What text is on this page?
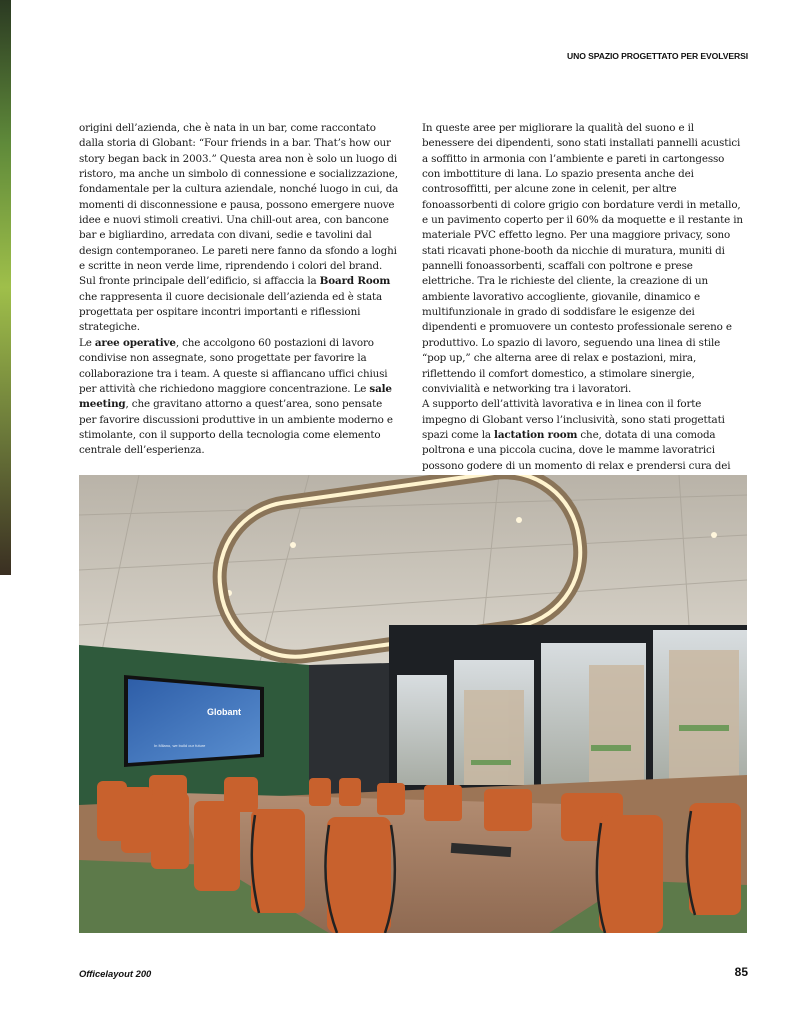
UNO SPAZIO PROGETTATO PER EVOLVERSI

origini dell’azienda, che è nata in un bar, come raccontato dalla storia di Globant: “Four friends in a bar. That’s how our story began back in 2003.” Questa area non è solo un luogo di ristoro, ma anche un simbolo di connessione e socializzazione, fondamentale per la cultura aziendale, nonché luogo in cui, da momenti di disconnessione e pausa, possono emergere nuove idee e nuovi stimoli creativi. Una chill-out area, con bancone bar e bigliardino, arredata con divani, sedie e tavolini dal design contemporaneo. Le pareti nere fanno da sfondo a loghi e scritte in neon verde lime, riprendendo i colori del brand.

Sul fronte principale dell’edificio, si affaccia la Board Room che rappresenta il cuore decisionale dell’azienda ed è stata progettata per ospitare incontri importanti e riflessioni strategiche.

Le aree operative, che accolgono 60 postazioni di lavoro condivise non assegnate, sono progettate per favorire la collaborazione tra i team. A queste si affiancano uffici chiusi per attività che richiedono maggiore concentrazione. Le sale meeting, che gravitano attorno a quest’area, sono pensate per favorire discussioni produttive in un ambiente moderno e stimolante, con il supporto della tecnologia come elemento centrale dell’esperienza.

In queste aree per migliorare la qualità del suono e il benessere dei dipendenti, sono stati installati pannelli acustici a soffitto in armonia con l’ambiente e pareti in cartongesso con imbottiture di lana. Lo spazio presenta anche dei controsoffitti, per alcune zone in celenit, per altre fonoassorbenti di colore grigio con bordature verdi in metallo, e un pavimento coperto per il 60% da moquette e il restante in materiale PVC effetto legno. Per una maggiore privacy, sono stati ricavati phone-booth da nicchie di muratura, muniti di pannelli fonoassorbenti, scaffali con poltrone e prese elettriche. Tra le richieste del cliente, la creazione di un ambiente lavorativo accogliente, giovanile, dinamico e multifunzionale in grado di soddisfare le esigenze dei dipendenti e promuovere un contesto professionale sereno e produttivo. Lo spazio di lavoro, seguendo una linea di stile “pop up,” che alterna aree di relax e postazioni, mira, riflettendo il comfort domestico, a stimolare sinergie, convivialità e networking tra i lavoratori.

A supporto dell’attività lavorativa e in linea con il forte impegno di Globant verso l’inclusività, sono stati progettati spazi come la lactation room che, dotata di una comoda poltrona e una piccola cucina, dove le mamme lavoratrici possono godere di un momento di relax e prendersi cura dei

Globant
In Milano, we build our future
Officelayout 200	85
